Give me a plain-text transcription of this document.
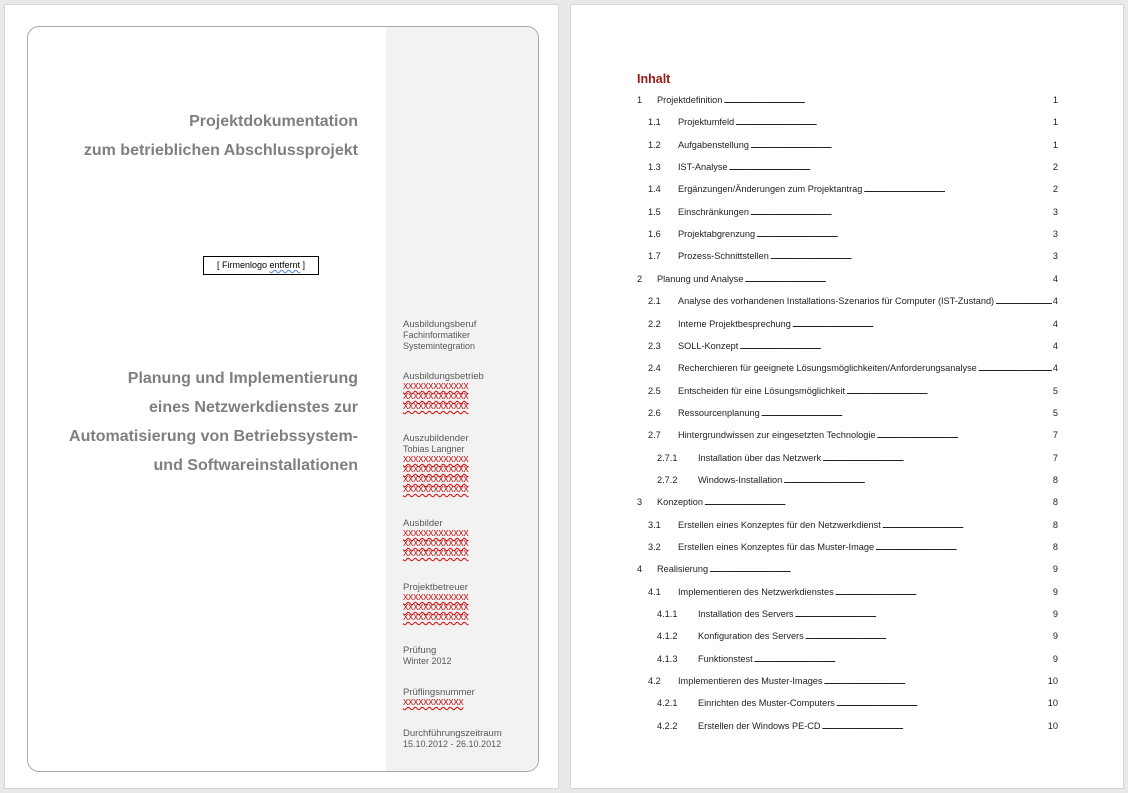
Projektdokumentation
zum betrieblichen Abschlussprojekt
[ Firmenlogo entfernt ]
Planung und Implementierung
eines Netzwerkdienstes zur
Automatisierung von Betriebssystem-
und Softwareinstallationen
Ausbildungsberuf
Fachinformatiker
Systemintegration
Ausbildungsbetrieb
XXXXXXXXXXXXX
XXXXXXXXXXXXX
XXXXXXXXXXXXX
Auszubildender
Tobias Langner
XXXXXXXXXXXXX
XXXXXXXXXXXXX
XXXXXXXXXXXXX
XXXXXXXXXXXXX
Ausbilder
XXXXXXXXXXXXX
XXXXXXXXXXXXX
XXXXXXXXXXXXX
Projektbetreuer
XXXXXXXXXXXXX
XXXXXXXXXXXXX
XXXXXXXXXXXXX
Prüfung
Winter 2012
Prüflingsnummer
XXXXXXXXXXXX
Durchführungszeitraum
15.10.2012 - 26.10.2012
Inhalt
1	Projektdefinition . . .	1
1.1	Projektumfeld . . .	1
1.2	Aufgabenstellung . . .	1
1.3	IST-Analyse . . .	2
1.4	Ergänzungen/Änderungen zum Projektantrag . . .	2
1.5	Einschränkungen . . .	3
1.6	Projektabgrenzung . . .	3
1.7	Prozess-Schnittstellen . . .	3
2	Planung und Analyse . . .	4
2.1	Analyse des vorhandenen Installations-Szenarios für Computer (IST-Zustand) . . .	4
2.2	Interne Projektbesprechung . . .	4
2.3	SOLL-Konzept . . .	4
2.4	Recherchieren für geeignete Lösungsmöglichkeiten/Anforderungsanalyse . . .	4
2.5	Entscheiden für eine Lösungsmöglichkeit . . .	5
2.6	Ressourcenplanung . . .	5
2.7	Hintergrundwissen zur eingesetzten Technologie . . .	7
2.7.1	Installation über das Netzwerk . . .	7
2.7.2	Windows-Installation . . .	8
3	Konzeption . . .	8
3.1	Erstellen eines Konzeptes für den Netzwerkdienst . . .	8
3.2	Erstellen eines Konzeptes für das Muster-Image . . .	8
4	Realisierung . . .	9
4.1	Implementieren des Netzwerkdienstes . . .	9
4.1.1	Installation des Servers . . .	9
4.1.2	Konfiguration des Servers . . .	9
4.1.3	Funktionstest . . .	9
4.2	Implementieren des Muster-Images . . .	10
4.2.1	Einrichten des Muster-Computers . . .	10
4.2.2	Erstellen der Windows PE-CD . . .	10
